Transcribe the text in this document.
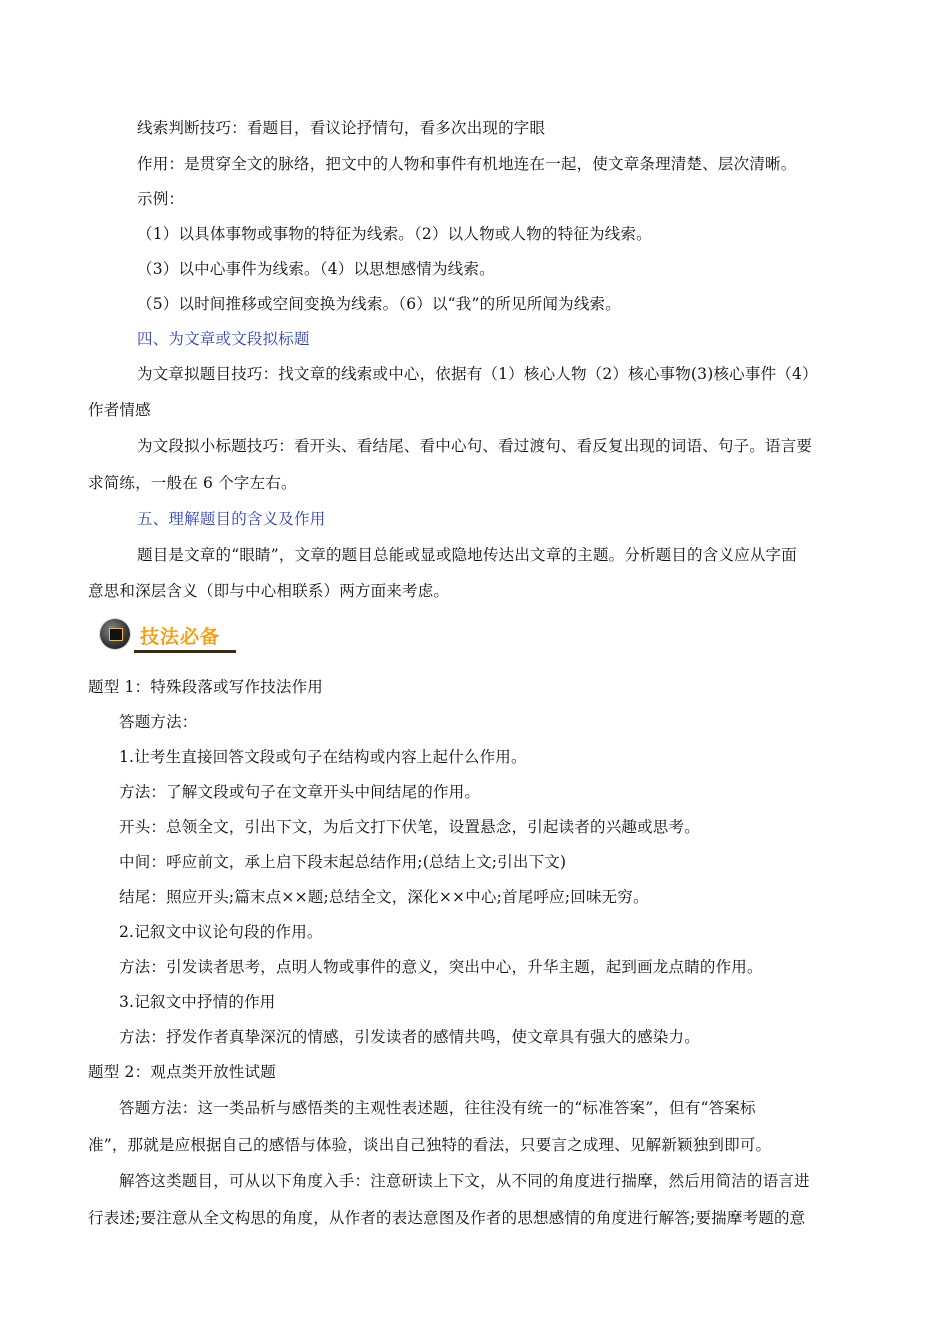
线索判断技巧：看题目，看议论抒情句，看多次出现的字眼
作用：是贯穿全文的脉络，把文中的人物和事件有机地连在一起，使文章条理清楚、层次清晰。
示例：
（1）以具体事物或事物的特征为线索。（2）以人物或人物的特征为线索。
（3）以中心事件为线索。（4）以思想感情为线索。
（5）以时间推移或空间变换为线索。（6）以“我”的所见所闻为线索。
四、为文章或文段拟标题
为文章拟题目技巧：找文章的线索或中心，依据有（1）核心人物（2）核心事物(3)核心事件（4）
作者情感
为文段拟小标题技巧：看开头、看结尾、看中心句、看过渡句、看反复出现的词语、句子。语言要
求简练，一般在 6 个字左右。
五、理解题目的含义及作用
题目是文章的“眼睛”，文章的题目总能或显或隐地传达出文章的主题。分析题目的含义应从字面
意思和深层含义（即与中心相联系）两方面来考虑。
技法必备
题型 1：特殊段落或写作技法作用
答题方法：
1.让考生直接回答文段或句子在结构或内容上起什么作用。
方法：了解文段或句子在文章开头中间结尾的作用。
开头：总领全文，引出下文，为后文打下伏笔，设置悬念，引起读者的兴趣或思考。
中间：呼应前文，承上启下段末起总结作用;(总结上文;引出下文)
结尾：照应开头;篇末点××题;总结全文，深化××中心;首尾呼应;回味无穷。
2.记叙文中议论句段的作用。
方法：引发读者思考，点明人物或事件的意义，突出中心，升华主题，起到画龙点睛的作用。
3.记叙文中抒情的作用
方法：抒发作者真挚深沉的情感，引发读者的感情共鸣，使文章具有强大的感染力。
题型 2：观点类开放性试题
答题方法：这一类品析与感悟类的主观性表述题，往往没有统一的“标准答案”，但有“答案标
准”，那就是应根据自己的感悟与体验，谈出自己独特的看法，只要言之成理、见解新颖独到即可。
解答这类题目，可从以下角度入手：注意研读上下文，从不同的角度进行揣摩，然后用简洁的语言进
行表述;要注意从全文构思的角度，从作者的表达意图及作者的思想感情的角度进行解答;要揣摩考题的意
